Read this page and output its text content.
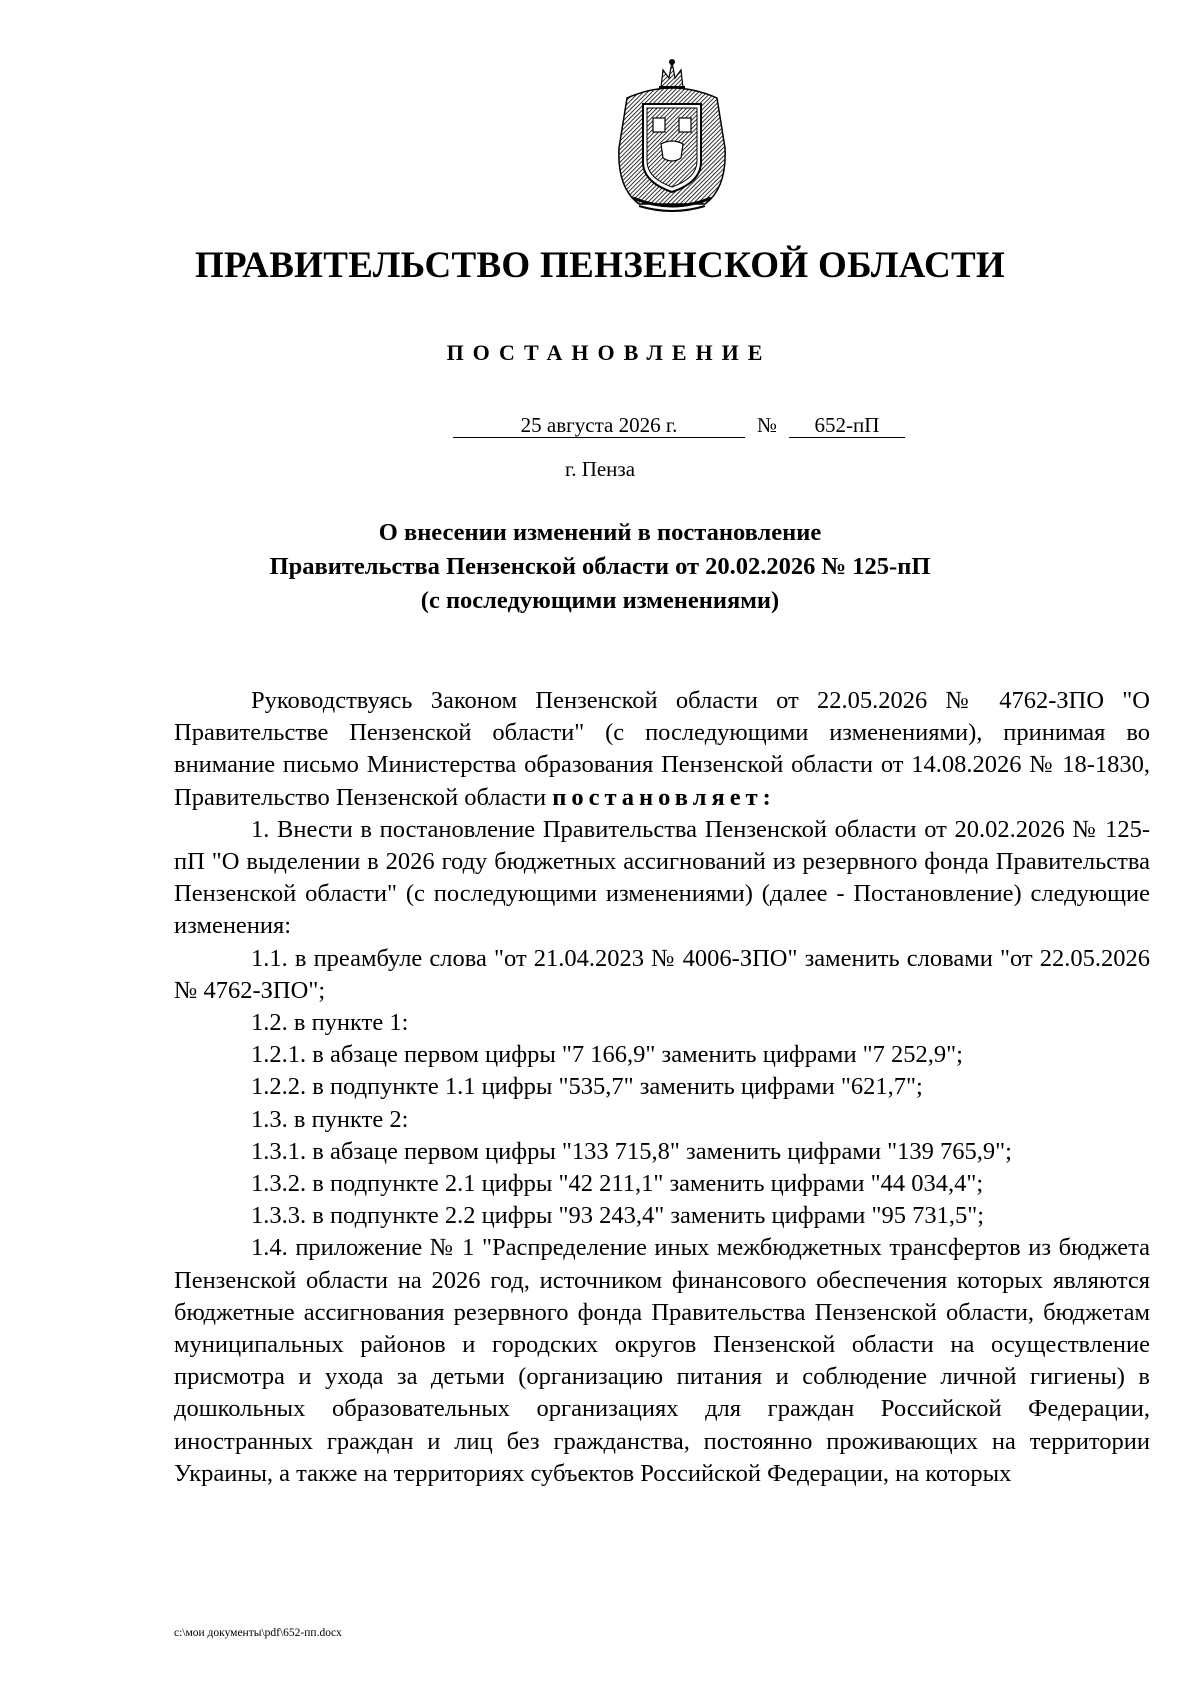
ПРАВИТЕЛЬСТВО ПЕНЗЕНСКОЙ ОБЛАСТИ
ПОСТАНОВЛЕНИЕ
25 августа 2026 г.	№	652-пП
г. Пенза
О внесении изменений в постановление
Правительства Пензенской области от 20.02.2026 № 125-пП
(с последующими изменениями)

Руководствуясь Законом Пензенской области от 22.05.2026 № 4762-ЗПО "О Правительстве Пензенской области" (с последующими изменениями), принимая во внимание письмо Министерства образования Пензенской области от 14.08.2026 № 18-1830, Правительство Пензенской области постановляет:

1. Внести в постановление Правительства Пензенской области от 20.02.2026 № 125-пП "О выделении в 2026 году бюджетных ассигнований из резервного фонда Правительства Пензенской области" (с последующими изменениями) (далее - Постановление) следующие изменения:

1.1. в преамбуле слова "от 21.04.2023 № 4006-ЗПО" заменить словами "от 22.05.2026 № 4762-ЗПО";

1.2. в пункте 1:

1.2.1. в абзаце первом цифры "7 166,9" заменить цифрами "7 252,9";

1.2.2. в подпункте 1.1 цифры "535,7" заменить цифрами "621,7";

1.3. в пункте 2:

1.3.1. в абзаце первом цифры "133 715,8" заменить цифрами "139 765,9";

1.3.2. в подпункте 2.1 цифры "42 211,1" заменить цифрами "44 034,4";

1.3.3. в подпункте 2.2 цифры "93 243,4" заменить цифрами "95 731,5";

1.4. приложение № 1 "Распределение иных межбюджетных трансфертов из бюджета Пензенской области на 2026 год, источником финансового обеспечения которых являются бюджетные ассигнования резервного фонда Правительства Пензенской области, бюджетам муниципальных районов и городских округов Пензенской области на осуществление присмотра и ухода за детьми (организацию питания и соблюдение личной гигиены) в дошкольных образовательных организациях для граждан Российской Федерации, иностранных граждан и лиц без гражданства, постоянно проживающих на территории Украины, а также на территориях субъектов Российской Федерации, на которых

c:\мои документы\pdf\652-пп.docx
